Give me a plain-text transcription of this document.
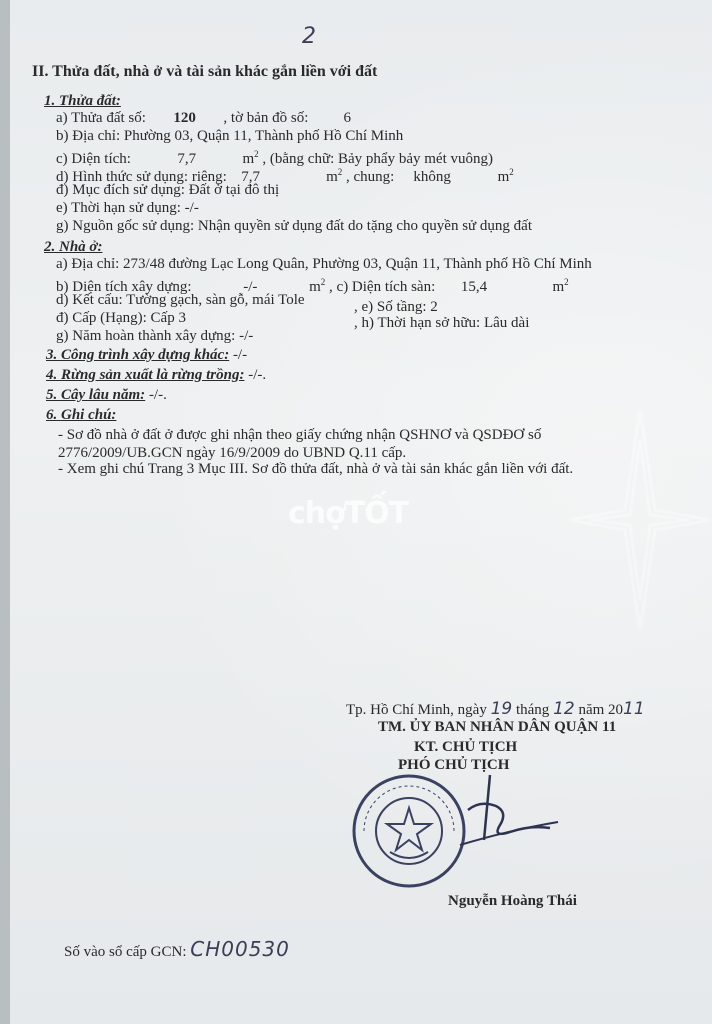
2
II. Thửa đất, nhà ở và tài sản khác gắn liền với đất
1. Thửa đất:
a) Thửa đất số: 120 , tờ bản đồ số: 6
b) Địa chỉ: Phường 03, Quận 11, Thành phố Hồ Chí Minh
c) Diện tích:	7,7	$m^2$ , (bằng chữ: Bảy phẩy bảy mét vuông)
d) Hình thức sử dụng: riêng: 7,7	$m^2$ , chung: không	$m^2$
đ) Mục đích sử dụng: Đất ở tại đô thị
e) Thời hạn sử dụng: -/-
g) Nguồn gốc sử dụng: Nhận quyền sử dụng đất do tặng cho quyền sử dụng đất
2. Nhà ở:
a) Địa chỉ: 273/48 đường Lạc Long Quân, Phường 03, Quận 11, Thành phố Hồ Chí Minh
b) Diện tích xây dựng:	-/-	$m^2$ , c) Diện tích sàn: 15,4	$m^2$
d) Kết cấu: Tường gạch, sàn gỗ, mái Tole
đ) Cấp (Hạng): Cấp 3
, e) Số tầng: 2
g) Năm hoàn thành xây dựng: -/-
, h) Thời hạn sở hữu: Lâu dài
3. Công trình xây dựng khác: -/-
4. Rừng sản xuất là rừng trồng: -/-.
5. Cây lâu năm: -/-.
6. Ghi chú:
- Sơ đồ nhà ở đất ở được ghi nhận theo giấy chứng nhận QSHNƠ và QSDĐƠ số
2776/2009/UB.GCN ngày 16/9/2009 do UBND Q.11 cấp.
- Xem ghi chú Trang 3 Mục III. Sơ đồ thửa đất, nhà ở và tài sản khác gắn liền với đất.
chợTỐT
Tp. Hồ Chí Minh, ngày 19 tháng 12 năm 2011
TM. ỦY BAN NHÂN DÂN QUẬN 11
KT. CHỦ TỊCH
PHÓ CHỦ TỊCH
Nguyễn Hoàng Thái
Số vào sổ cấp GCN: CH00530
